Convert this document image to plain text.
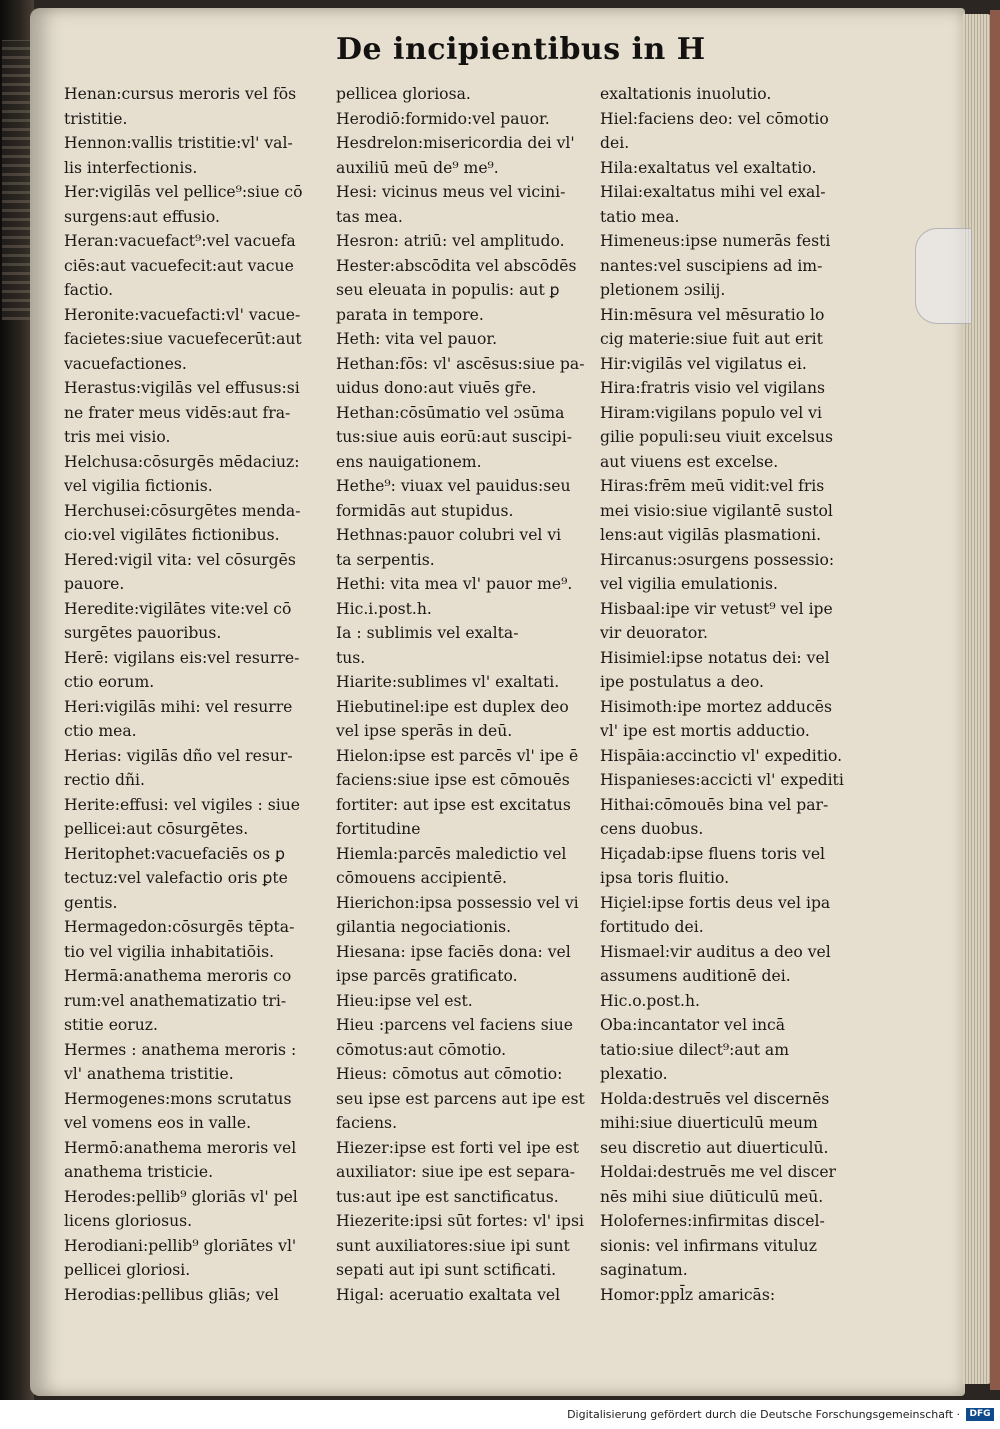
De incipientibus in H
Henan:cursus meroris vel fōs
tristitie.
Hennon:vallis tristitie:vl' val-
lis interfectionis.
Her:vigilās vel pellice⁹:siue cō
surgens:aut effusio.
Heran:vacuefact⁹:vel vacuefa
ciēs:aut vacuefecit:aut vacue
factio.
Heronite:vacuefacti:vl' vacue-
facietes:siue vacuefecerūt:aut
vacuefactiones.
Herastus:vigilās vel effusus:si
ne frater meus vidēs:aut fra-
tris mei visio.
Helchusa:cōsurgēs mēdaciuz:
vel vigilia fictionis.
Herchusei:cōsurgētes menda-
cio:vel vigilātes fictionibus.
Hered:vigil vita: vel cōsurgēs
pauore.
Heredite:vigilātes vite:vel cō
surgētes pauoribus.
Herē: vigilans eis:vel resurre-
ctio eorum.
Heri:vigilās mihi: vel resurre
ctio mea.
Herias: vigilās dño vel resur-
rectio dñi.
Herite:effusi: vel vigiles : siue
pellicei:aut cōsurgētes.
Heritophet:vacuefaciēs os ꝑ
tectuz:vel valefactio oris ꝑte
gentis.
Hermagedon:cōsurgēs tēpta-
tio vel vigilia inhabitatiōis.
Hermā:anathema meroris co
rum:vel anathematizatio tri-
stitie eoruz.
Hermes : anathema meroris :
vl' anathema tristitie.
Hermogenes:mons scrutatus
vel vomens eos in valle.
Hermō:anathema meroris vel
anathema tristicie.
Herodes:pellib⁹ gloriās vl' pel
licens gloriosus.
Herodiani:pellib⁹ gloriātes vl'
pellicei gloriosi.
Herodias:pellibus gliās; vel
pellicea gloriosa.
Herodiō:formido:vel pauor.
Hesdrelon:misericordia dei vl'
auxiliū meū de⁹ me⁹.
Hesi: vicinus meus vel vicini-
tas mea.
Hesron: atriū: vel amplitudo.
Hester:abscōdita vel abscōdēs
seu eleuata in populis: aut ꝑ
parata in tempore.
Heth: vita vel pauor.
Hethan:fōs: vl' ascēsus:siue pa-
uidus dono:aut viuēs gr̄e.
Hethan:cōsūmatio vel ɔsūma
tus:siue auis eorū:aut suscipi-
ens nauigationem.
Hethe⁹: viuax vel pauidus:seu
formidās aut stupidus.
Hethnas:pauor colubri vel vi
ta serpentis.
Hethi: vita mea vl' pauor me⁹.
Hic.i.post.h.
Ia : sublimis vel exalta-
tus.
Hiarite:sublimes vl' exaltati.
Hiebutinel:ipe est duplex deo
vel ipse sperās in deū.
Hielon:ipse est parcēs vl' ipe ē
faciens:siue ipse est cōmouēs
fortiter: aut ipse est excitatus
fortitudine
Hiemla:parcēs maledictio vel
cōmouens accipientē.
Hierichon:ipsa possessio vel vi
gilantia negociationis.
Hiesana: ipse faciēs dona: vel
ipse parcēs gratificato.
Hieu:ipse vel est.
Hieu :parcens vel faciens siue
cōmotus:aut cōmotio.
Hieus: cōmotus aut cōmotio:
seu ipse est parcens aut ipe est
faciens.
Hiezer:ipse est forti vel ipe est
auxiliator: siue ipe est separa-
tus:aut ipe est sanctificatus.
Hiezerite:ipsi sūt fortes: vl' ipsi
sunt auxiliatores:siue ipi sunt
sepati aut ipi sunt sctificati.
Higal: aceruatio exaltata vel
exaltationis inuolutio.
Hiel:faciens deo: vel cōmotio
dei.
Hila:exaltatus vel exaltatio.
Hilai:exaltatus mihi vel exal-
tatio mea.
Himeneus:ipse numerās festi
nantes:vel suscipiens ad im-
pletionem ɔsilij.
Hin:mēsura vel mēsuratio lo
cig materie:siue fuit aut erit
Hir:vigilās vel vigilatus ei.
Hira:fratris visio vel vigilans
Hiram:vigilans populo vel vi
gilie populi:seu viuit excelsus
aut viuens est excelse.
Hiras:frēm meū vidit:vel fris
mei visio:siue vigilantē sustol
lens:aut vigilās plasmationi.
Hircanus:ɔsurgens possessio:
vel vigilia emulationis.
Hisbaal:ipe vir vetust⁹ vel ipe
vir deuorator.
Hisimiel:ipse notatus dei: vel
ipe postulatus a deo.
Hisimoth:ipe mortez adducēs
vl' ipe est mortis adductio.
Hispāia:accinctio vl' expeditio.
Hispanieses:accicti vl' expediti
Hithai:cōmouēs bina vel par-
cens duobus.
Hiçadab:ipse fluens toris vel
ipsa toris fluitio.
Hiçiel:ipse fortis deus vel ipa
fortitudo dei.
Hismael:vir auditus a deo vel
assumens auditionē dei.
Hic.o.post.h.
Oba:incantator vel incā
tatio:siue dilect⁹:aut am
plexatio.
Holda:destruēs vel discernēs
mihi:siue diuerticulū meum
seu discretio aut diuerticulū.
Holdai:destruēs me vel discer
nēs mihi siue diūticulū meū.
Holofernes:infirmitas discel-
sionis: vel infirmans vituluz
saginatum.
Homor:ppl̄z amaricās:
Digitalisierung gefördert durch die Deutsche Forschungsgemeinschaft ·	DFG
